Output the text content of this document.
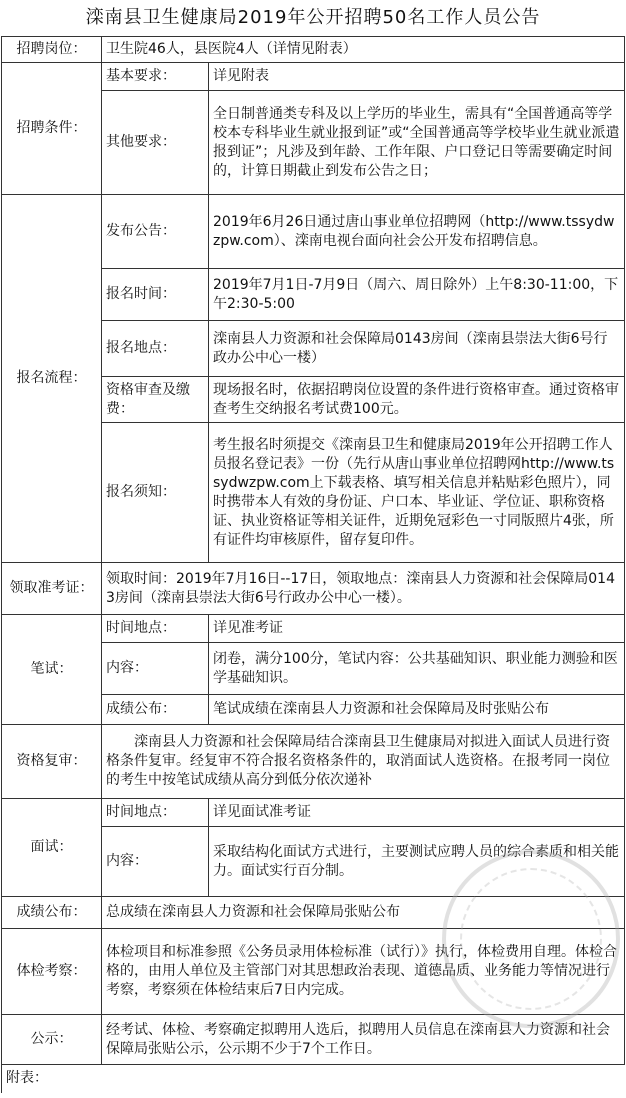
滦南县卫生健康局2019年公开招聘50名工作人员公告
招聘岗位：	卫生院46人，县医院4人（详情见附表）	
招聘条件：	基本要求：	详见附表
	其他要求：	全日制普通类专科及以上学历的毕业生，需具有“全国普通高等学校本专科毕业生就业报到证”或“全国普通高等学校毕业生就业派遣报到证”；凡涉及到年龄、工作年限、户口登记日等需要确定时间的，计算日期截止到发布公告之日；
报名流程：	发布公告：	2019年6月26日通过唐山事业单位招聘网（http://www.tssydwzpw.com）、滦南电视台面向社会公开发布招聘信息。
	报名时间：	2019年7月1日-7月9日（周六、周日除外）上午8:30-11:00，下午2:30-5:00
	报名地点：	滦南县人力资源和社会保障局0143房间（滦南县崇法大街6号行政办公中心一楼）
	资格审查及缴费：	现场报名时，依据招聘岗位设置的条件进行资格审查。通过资格审查考生交纳报名考试费100元。
	报名须知：	考生报名时须提交《滦南县卫生和健康局2019年公开招聘工作人员报名登记表》一份（先行从唐山事业单位招聘网http://www.tssydwzpw.com上下载表格、填写相关信息并粘贴彩色照片），同时携带本人有效的身份证、户口本、毕业证、学位证、职称资格证、执业资格证等相关证件，近期免冠彩色一寸同版照片4张，所有证件均审核原件，留存复印件。
领取准考证：	领取时间：2019年7月16日--17日，领取地点：滦南县人力资源和社会保障局0143房间（滦南县崇法大街6号行政办公中心一楼）。	
笔试：	时间地点：	详见准考证
	内容：	闭卷，满分100分，笔试内容：公共基础知识、职业能力测验和医学基础知识。
	成绩公布：	笔试成绩在滦南县人力资源和社会保障局及时张贴公布
资格复审：	滦南县人力资源和社会保障局结合滦南县卫生健康局对拟进入面试人员进行资格条件复审。经复审不符合报名资格条件的，取消面试人选资格。在报考同一岗位的考生中按笔试成绩从高分到低分依次递补	
面试：	时间地点：	详见面试准考证
	内容：	采取结构化面试方式进行，主要测试应聘人员的综合素质和相关能力。面试实行百分制。
成绩公布：	总成绩在滦南县人力资源和社会保障局张贴公布	
体检考察：	体检项目和标准参照《公务员录用体检标准（试行）》执行，体检费用自理。体检合格的，由用人单位及主管部门对其思想政治表现、道德品质、业务能力等情况进行考察，考察须在体检结束后7日内完成。	
公示：	经考试、体检、考察确定拟聘用人选后，拟聘用人员信息在滦南县人力资源和社会保障局张贴公示，公示期不少于7个工作日。	
附表：		
